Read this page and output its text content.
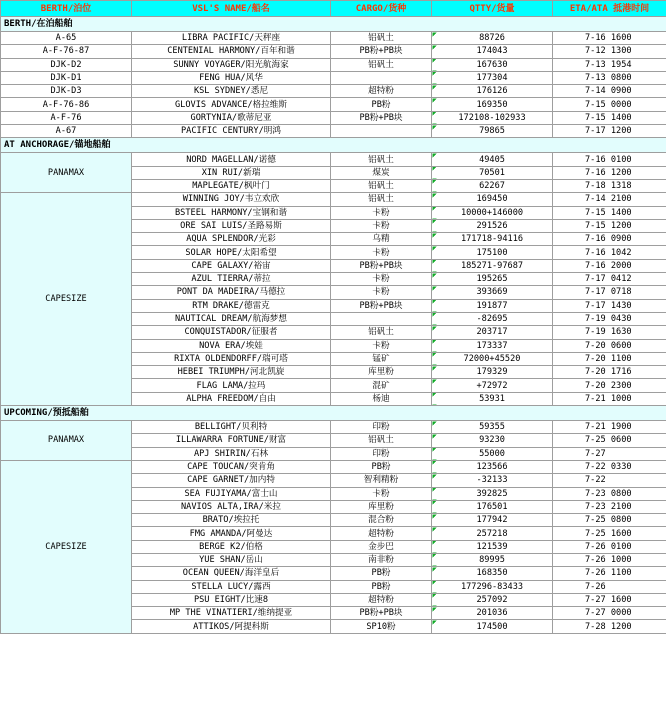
BERTH/泊位	VSL'S NAME/船名	CARGO/货种	QTTY/货量	ETA/ATA 抵港时间
BERTH/在泊船舶				
A-65	LIBRA PACIFIC/天秤座	铝矾土	88726	7-16 1600
A-F-76-87	CENTENIAL HARMONY/百年和谐	PB粉+PB块	174043	7-12 1300
DJK-D2	SUNNY VOYAGER/阳光航海家	铝矾土	167630	7-13 1954
DJK-D1	FENG HUA/风华		177304	7-13 0800
DJK-D3	KSL SYDNEY/悉尼	超特粉	176126	7-14 0900
A-F-76-86	GLOVIS ADVANCE/格拉维斯	PB粉	169350	7-15 0000
A-F-76	GORTYNIA/歌蒂尼亚	PB粉+PB块	172108-102933	7-15 1400
A-67	PACIFIC CENTURY/明鸿		79865	7-17 1200
AT ANCHORAGE/锚地船舶				
PANAMAX	NORD MAGELLAN/诺德	铝矾土	49405	7-16 0100
	XIN RUI/新瑞	煤炭	70501	7-16 1200
	MAPLEGATE/枫叶门	铝矾土	62267	7-18 1318
CAPESIZE	WINNING JOY/韦立欢欣	铝矾土	169450	7-14 2100
	BSTEEL HARMONY/宝钢和谐	卡粉	10000+146000	7-15 1400
	ORE SAI LUIS/圣路易斯	卡粉	291526	7-15 1200
	AQUA SPLENDOR/光彩	乌精	171718-94116	7-16 0900
	SOLAR HOPE/太阳希望	卡粉	175100	7-16 1042
	CAPE GALAXY/裕宙	PB粉+PB块	185271-97687	7-16 2000
	AZUL TIERRA/蒂拉	卡粉	195265	7-17 0412
	PONT DA MADEIRA/马德拉	卡粉	393669	7-17 0718
	RTM DRAKE/德雷克	PB粉+PB块	191877	7-17 1430
	NAUTICAL DREAM/航海梦想		-82695	7-19 0430
	CONQUISTADOR/征服者	铝矾土	203717	7-19 1630
	NOVA ERA/埃娃	卡粉	173337	7-20 0600
	RIXTA OLDENDORFF/瑞可塔	锰矿	72000+45520	7-20 1100
	HEBEI TRIUMPH/河北凯旋	库里粉	179329	7-20 1716
	FLAG LAMA/拉玛	混矿	+72972	7-20 2300
	ALPHA FREEDOM/自由	杨迪	53931	7-21 1000
UPCOMING/预抵船舶				
PANAMAX	BELLIGHT/贝利特	印粉	59355	7-21 1900
	ILLAWARRA FORTUNE/财富	铝矾土	93230	7-25 0600
	APJ SHIRIN/石林	印粉	55000	7-27
CAPESIZE	CAPE TOUCAN/突肯角	PB粉	123566	7-22 0330
	CAPE GARNET/加内特	智利精粉	-32133	7-22
	SEA FUJIYAMA/富士山	卡粉	392825	7-23 0800
	NAVIOS ALTA,IRA/米拉	库里粉	176501	7-23 2100
	BRATO/埃拉托	混合粉	177942	7-25 0800
	FMG AMANDA/阿曼达	超特粉	257218	7-25 1600
	BERGE K2/伯格	金步巴	121539	7-26 0100
	YUE SHAN/岳山	南非粉	89995	7-26 1000
	OCEAN QUEEN/海洋皇后	PB粉	168350	7-26 1100
	STELLA LUCY/露西	PB粉	177296-83433	7-26
	PSU EIGHT/比速8	超特粉	257092	7-27 1600
	MP THE VINATIERI/维纳提亚	PB粉+PB块	201036	7-27 0000
	ATTIKOS/阿提科斯	SP10粉	174500	7-28 1200
